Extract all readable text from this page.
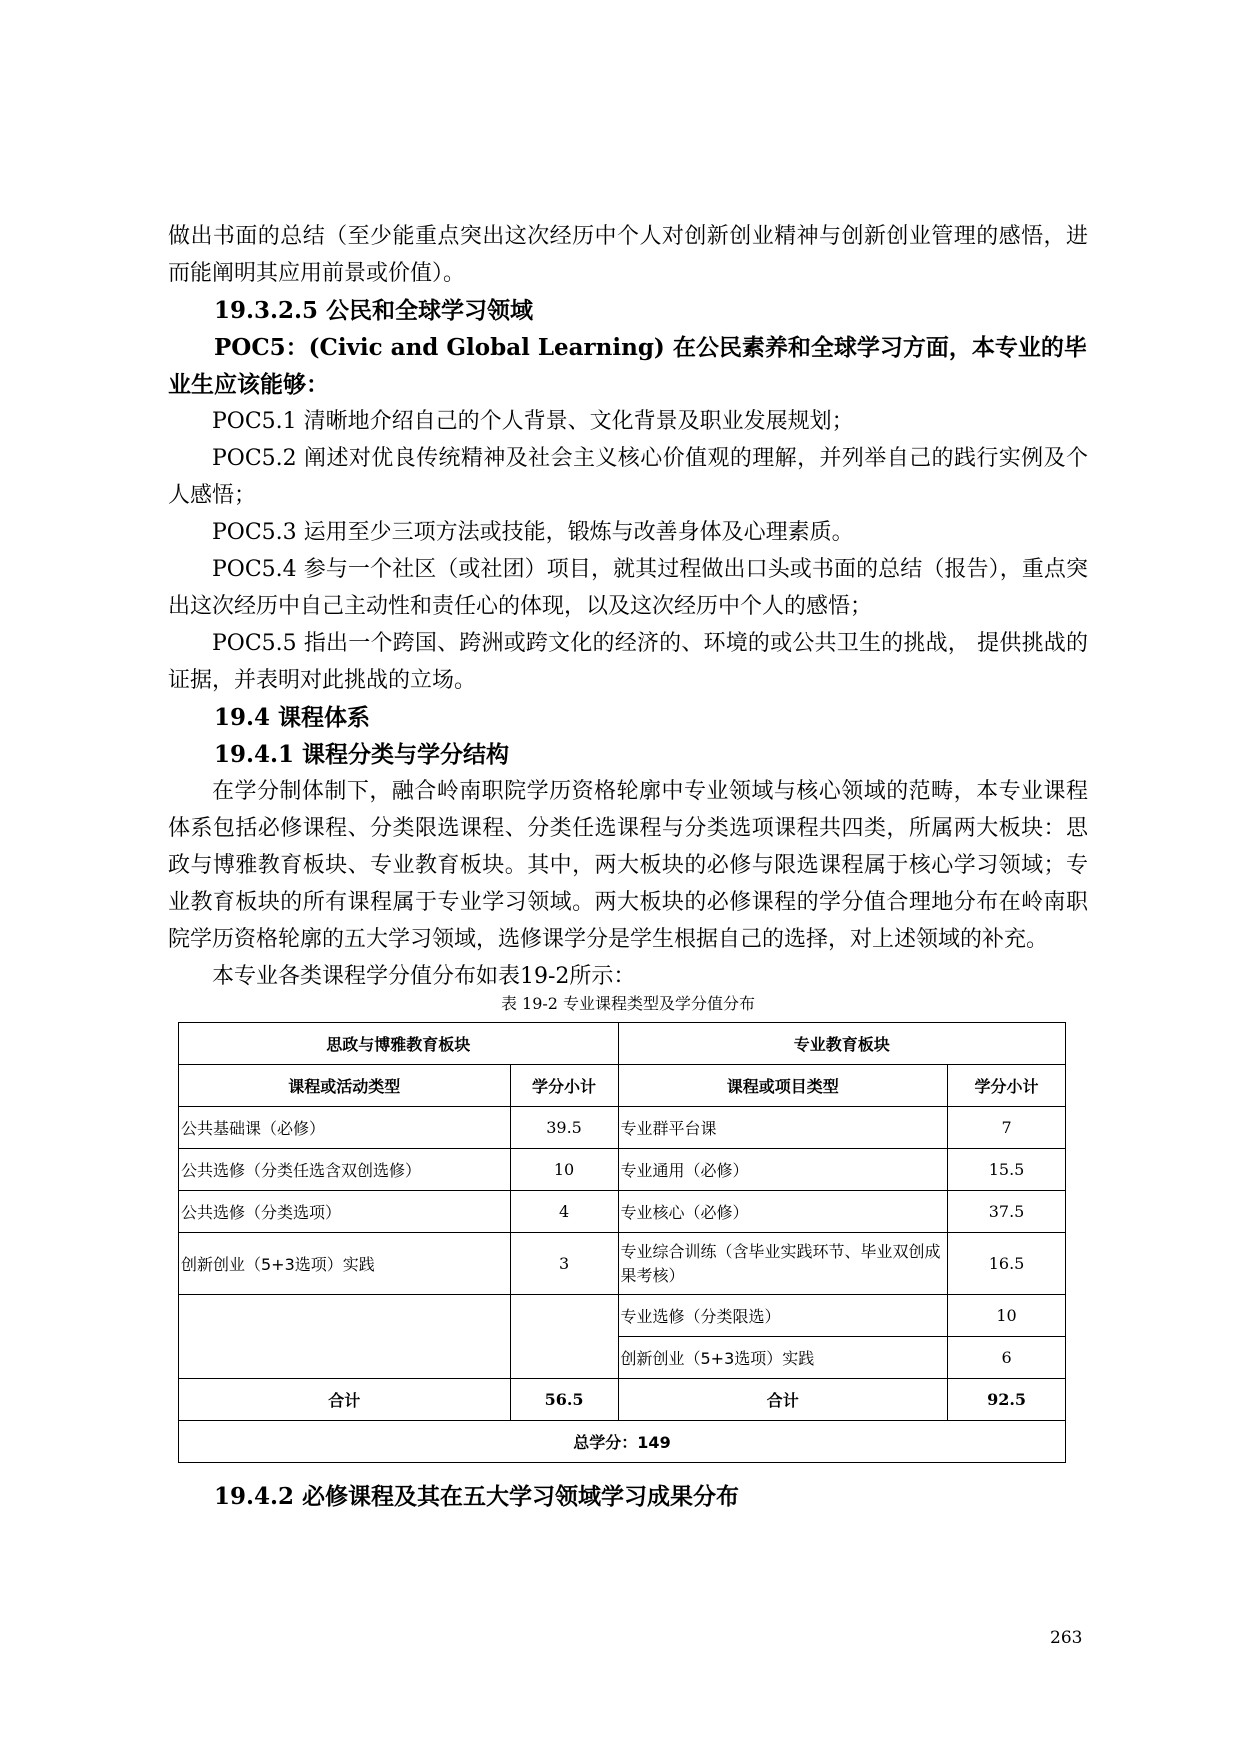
做出书面的总结（至少能重点突出这次经历中个人对创新创业精神与创新创业管理的感悟，进而能阐明其应用前景或价值）。

19.3.2.5 公民和全球学习领域

POC5：(Civic and Global Learning) 在公民素养和全球学习方面，本专业的毕业生应该能够：

POC5.1 清晰地介绍自己的个人背景、文化背景及职业发展规划；

POC5.2 阐述对优良传统精神及社会主义核心价值观的理解，并列举自己的践行实例及个人感悟；

POC5.3 运用至少三项方法或技能，锻炼与改善身体及心理素质。

POC5.4 参与一个社区（或社团）项目，就其过程做出口头或书面的总结（报告），重点突出这次经历中自己主动性和责任心的体现，以及这次经历中个人的感悟；

POC5.5 指出一个跨国、跨洲或跨文化的经济的、环境的或公共卫生的挑战， 提供挑战的证据，并表明对此挑战的立场。

19.4 课程体系

19.4.1 课程分类与学分结构

在学分制体制下，融合岭南职院学历资格轮廓中专业领域与核心领域的范畴，本专业课程体系包括必修课程、分类限选课程、分类任选课程与分类选项课程共四类，所属两大板块：思政与博雅教育板块、专业教育板块。其中，两大板块的必修与限选课程属于核心学习领域；专业教育板块的所有课程属于专业学习领域。两大板块的必修课程的学分值合理地分布在岭南职院学历资格轮廓的五大学习领域，选修课学分是学生根据自己的选择，对上述领域的补充。

本专业各类课程学分值分布如表19-2所示：

表 19-2 专业课程类型及学分值分布
思政与博雅教育板块		专业教育板块	
课程或活动类型	学分小计	课程或项目类型	学分小计
公共基础课（必修）	39.5	专业群平台课	7
公共选修（分类任选含双创选修）	10	专业通用（必修）	15.5
公共选修（分类选项）	4	专业核心（必修）	37.5
创新创业（5+3选项）实践	3	专业综合训练（含毕业实践环节、毕业双创成果考核）	16.5
		专业选修（分类限选）	10
		创新创业（5+3选项）实践	6
合计	56.5	合计	92.5
总学分：149			

19.4.2 必修课程及其在五大学习领域学习成果分布

263
